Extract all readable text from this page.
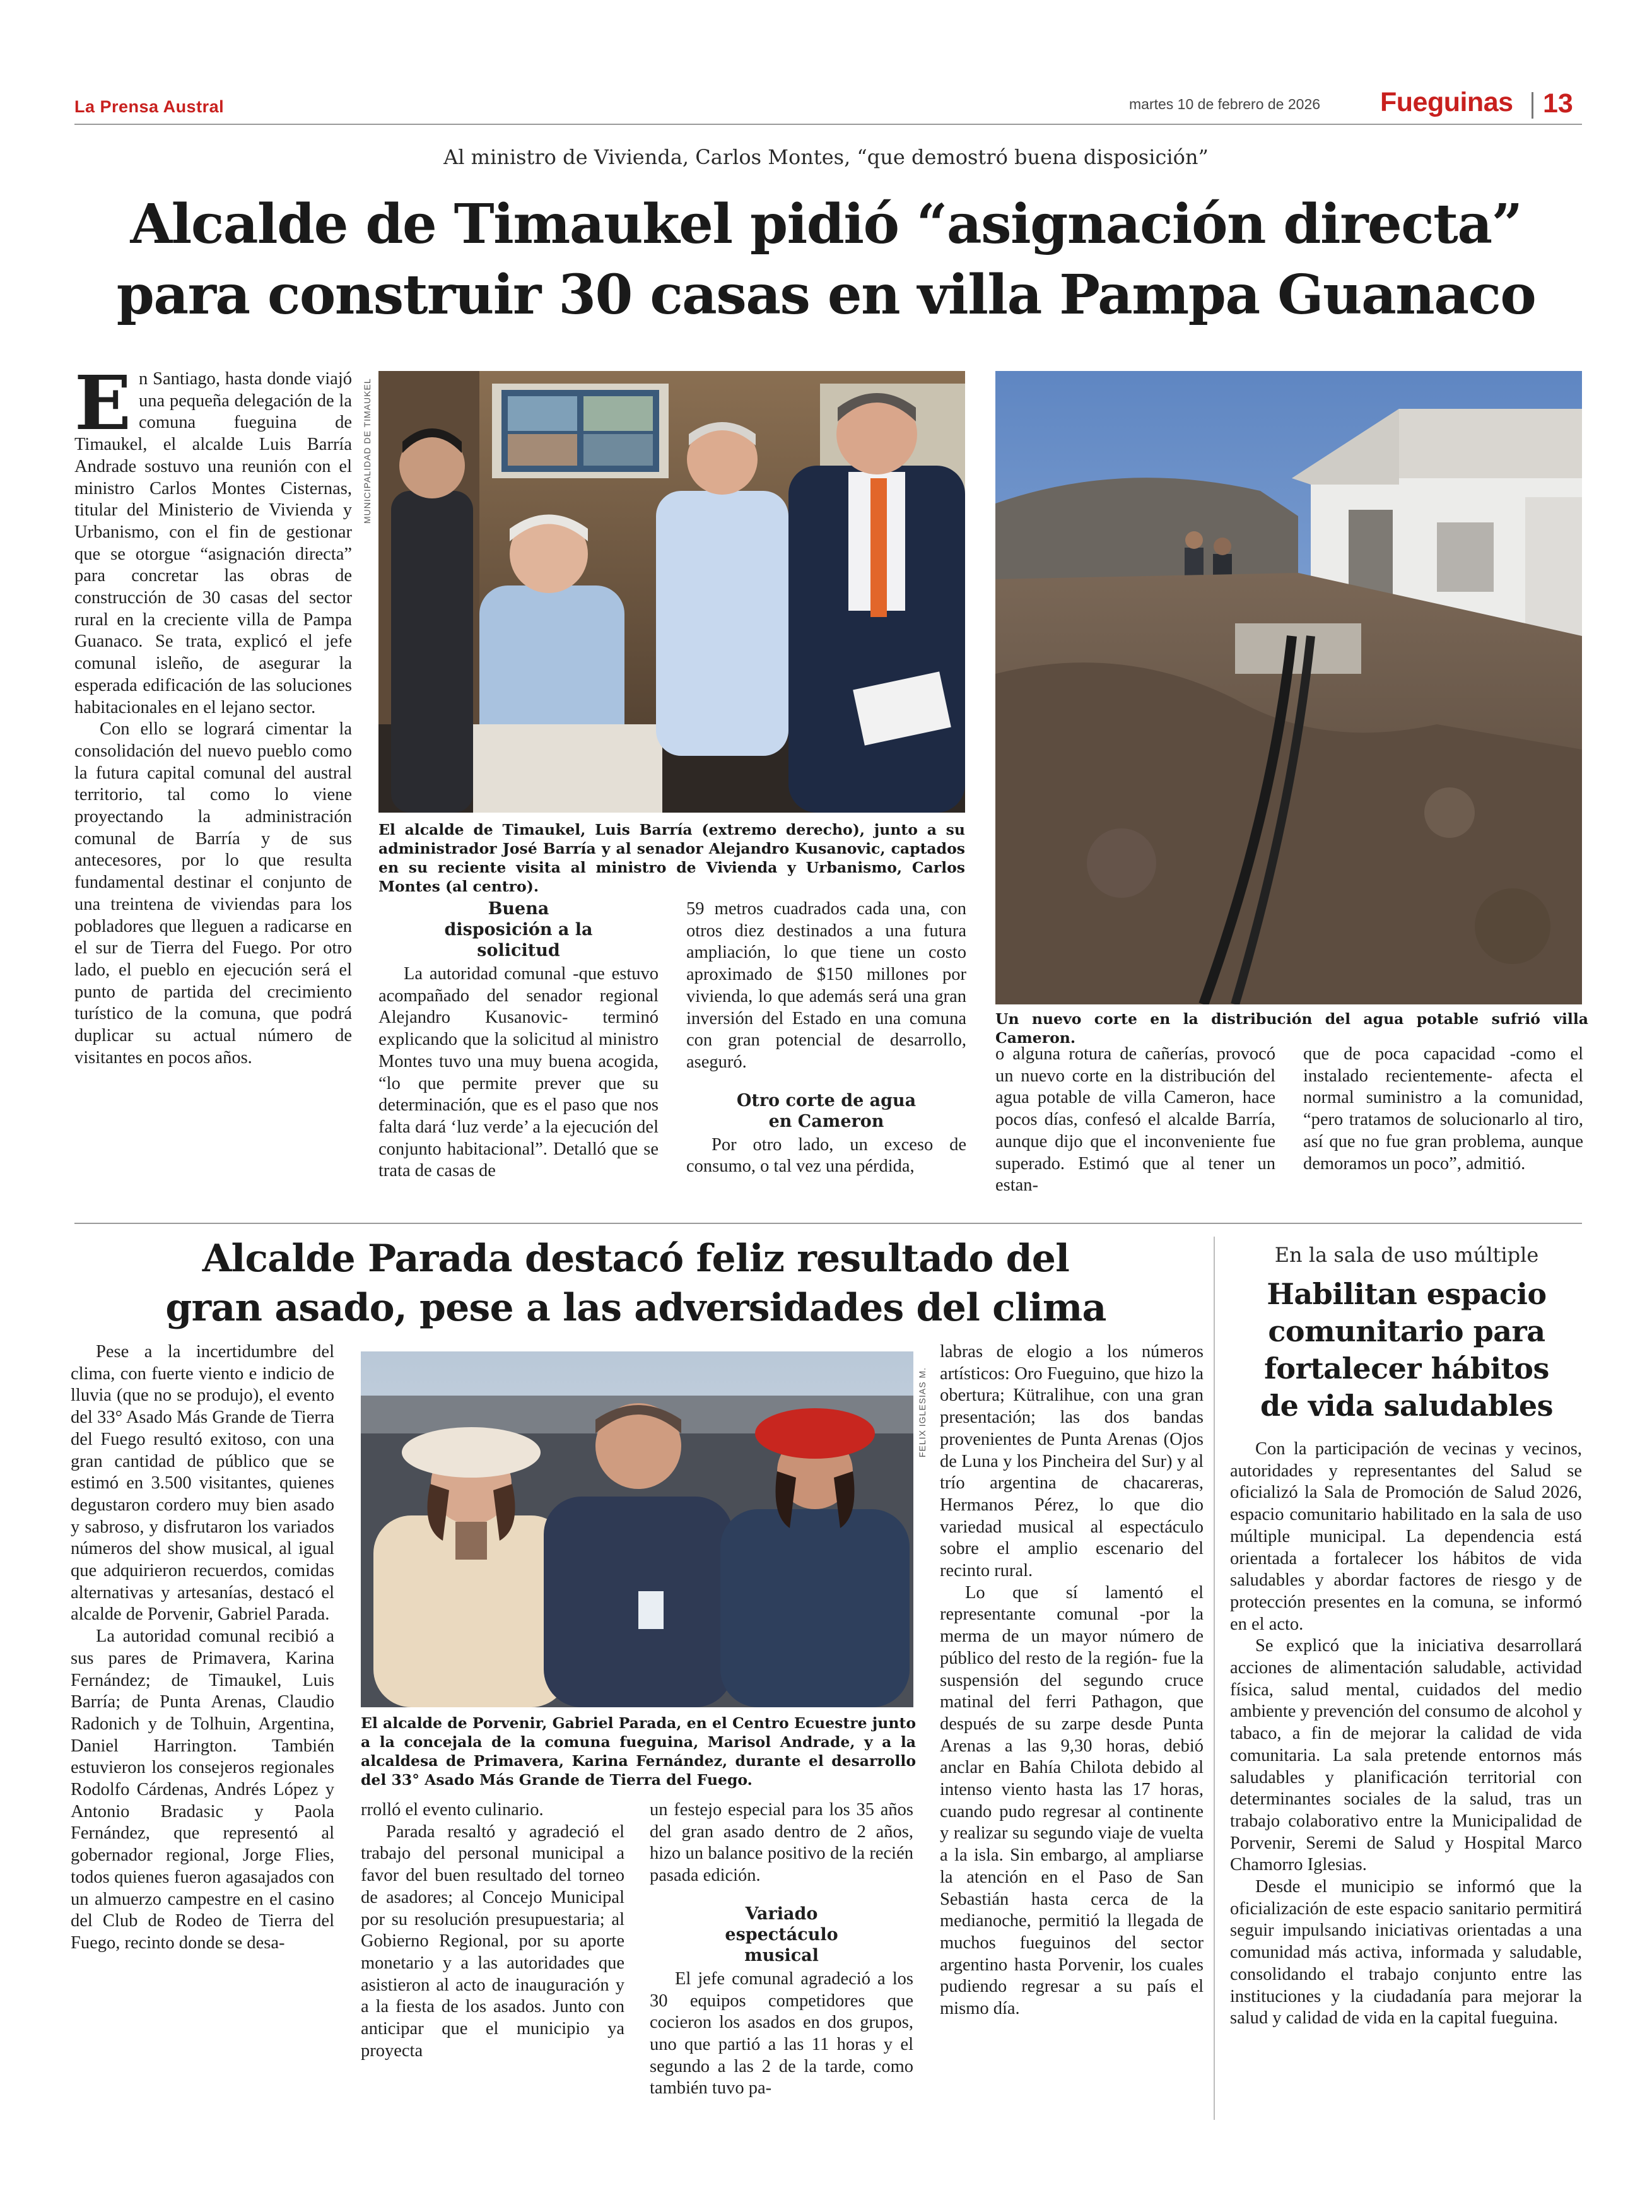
La Prensa Austral	martes 10 de febrero de 2026 Fueguinas 13
Al ministro de Vivienda, Carlos Montes, “que demostró buena disposición”
Alcalde de Timaukel pidió “asignación directa”
para construir 30 casas en villa Pampa Guanaco
E n Santiago, hasta donde viajó una pequeña delegación de la comuna fueguina de Timaukel, el alcalde Luis Barría Andrade sostuvo una reunión con el ministro Carlos Montes Cisternas, titular del Ministerio de Vivienda y Urbanismo, con el fin de gestionar que se otorgue “asignación directa” para concretar las obras de construcción de 30 casas del sector rural en la creciente villa de Pampa Guanaco. Se trata, explicó el jefe comunal isleño, de asegurar la esperada edificación de las soluciones habitacionales en el lejano sector.

Con ello se logrará cimentar la consolidación del nuevo pueblo como la futura capital comunal del austral territorio, tal como lo viene proyectando la administración comunal de Barría y de sus antecesores, por lo que resulta fundamental destinar el conjunto de una treintena de viviendas para los pobladores que lleguen a radicarse en el sur de Tierra del Fuego. Por otro lado, el pueblo en ejecución será el punto de partida del crecimiento turístico de la comuna, que podrá duplicar su actual número de visitantes en pocos años.

MUNICIPALIDAD DE TIMAUKEL
El alcalde de Timaukel, Luis Barría (extremo derecho), junto a su administrador José Barría y al senador Alejandro Kusanovic, captados en su reciente visita al ministro de Vivienda y Urbanismo, Carlos Montes (al centro).
Buena disposición a la solicitud

La autoridad comunal -que estuvo acompañado del senador regional Alejandro Kusanovic- terminó explicando que la solicitud al ministro Montes tuvo una muy buena acogida, “lo que permite prever que su determinación, que es el paso que nos falta dará ‘luz verde’ a la ejecución del conjunto habitacional”. Detalló que se trata de casas de

59 metros cuadrados cada una, con otros diez destinados a una futura ampliación, lo que tiene un costo aproximado de $150 millones por vivienda, lo que además será una gran inversión del Estado en una comuna con gran potencial de desarrollo, aseguró.

Otro corte de agua en Cameron

Por otro lado, un exceso de consumo, o tal vez una pérdida,

Un nuevo corte en la distribución del agua potable sufrió villa Cameron.

o alguna rotura de cañerías, provocó un nuevo corte en la distribución del agua potable de villa Cameron, hace pocos días, confesó el alcalde Barría, aunque dijo que el inconveniente fue superado. Estimó que al tener un estan-

que de poca capacidad -como el instalado recientemente- afecta el normal suministro a la comunidad, “pero tratamos de solucionarlo al tiro, así que no fue gran problema, aunque demoramos un poco”, admitió.

Alcalde Parada destacó feliz resultado del
gran asado, pese a las adversidades del clima

Pese a la incertidumbre del clima, con fuerte viento e indicio de lluvia (que no se produjo), el evento del 33° Asado Más Grande de Tierra del Fuego resultó exitoso, con una gran cantidad de público que se estimó en 3.500 visitantes, quienes degustaron cordero muy bien asado y sabroso, y disfrutaron los variados números del show musical, al igual que adquirieron recuerdos, comidas alternativas y artesanías, destacó el alcalde de Porvenir, Gabriel Parada.

La autoridad comunal recibió a sus pares de Primavera, Karina Fernández; de Timaukel, Luis Barría; de Punta Arenas, Claudio Radonich y de Tolhuin, Argentina, Daniel Harrington. También estuvieron los consejeros regionales Rodolfo Cárdenas, Andrés López y Antonio Bradasic y Paola Fernández, que representó al gobernador regional, Jorge Flies, todos quienes fueron agasajados con un almuerzo campestre en el casino del Club de Rodeo de Tierra del Fuego, recinto donde se desa-

FELIX IGLESIAS M.
El alcalde de Porvenir, Gabriel Parada, en el Centro Ecuestre junto a la concejala de la comuna fueguina, Marisol Andrade, y a la alcaldesa de Primavera, Karina Fernández, durante el desarrollo del 33° Asado Más Grande de Tierra del Fuego.

rrolló el evento culinario.

Parada resaltó y agradeció el trabajo del personal municipal a favor del buen resultado del torneo de asadores; al Concejo Municipal por su resolución presupuestaria; al Gobierno Regional, por su aporte monetario y a las autoridades que asistieron al acto de inauguración y a la fiesta de los asados. Junto con anticipar que el municipio ya proyecta

un festejo especial para los 35 años del gran asado dentro de 2 años, hizo un balance positivo de la recién pasada edición.

Variado espectáculo musical

El jefe comunal agradeció a los 30 equipos competidores que cocieron los asados en dos grupos, uno que partió a las 11 horas y el segundo a las 2 de la tarde, como también tuvo pa-

labras de elogio a los números artísticos: Oro Fueguino, que hizo la obertura; Kütralihue, con una gran presentación; las dos bandas provenientes de Punta Arenas (Ojos de Luna y los Pincheira del Sur) y al trío argentina de chacareras, Hermanos Pérez, lo que dio variedad musical al espectáculo sobre el amplio escenario del recinto rural.

Lo que sí lamentó el representante comunal -por la merma de un mayor número de público del resto de la región- fue la suspensión del segundo cruce matinal del ferri Pathagon, que después de su zarpe desde Punta Arenas a las 9,30 horas, debió anclar en Bahía Chilota debido al intenso viento hasta las 17 horas, cuando pudo regresar al continente y realizar su segundo viaje de vuelta a la isla. Sin embargo, al ampliarse la atención en el Paso de San Sebastián hasta cerca de la medianoche, permitió la llegada de muchos fueguinos del sector argentino hasta Porvenir, los cuales pudiendo regresar a su país el mismo día.

En la sala de uso múltiple
Habilitan espacio
comunitario para
fortalecer hábitos
de vida saludables

Con la participación de vecinas y vecinos, autoridades y representantes del Salud se oficializó la Sala de Promoción de Salud 2026, espacio comunitario habilitado en la sala de uso múltiple municipal. La dependencia está orientada a fortalecer los hábitos de vida saludables y abordar factores de riesgo y de protección presentes en la comuna, se informó en el acto.

Se explicó que la iniciativa desarrollará acciones de alimentación saludable, actividad física, salud mental, cuidados del medio ambiente y prevención del consumo de alcohol y tabaco, a fin de mejorar la calidad de vida comunitaria. La sala pretende entornos más saludables y planificación territorial con determinantes sociales de la salud, tras un trabajo colaborativo entre la Municipalidad de Porvenir, Seremi de Salud y Hospital Marco Chamorro Iglesias.

Desde el municipio se informó que la oficialización de este espacio sanitario permitirá seguir impulsando iniciativas orientadas a una comunidad más activa, informada y saludable, consolidando el trabajo conjunto entre las instituciones y la ciudadanía para mejorar la salud y calidad de vida en la capital fueguina.
